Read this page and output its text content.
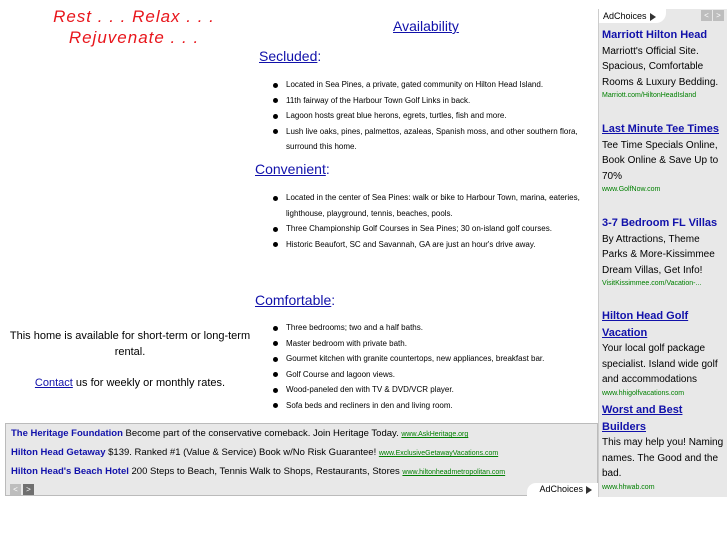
Rest . . . Relax . . .
Rejuvenate . . .
Availability
Secluded:
Located in Sea Pines, a private, gated community on Hilton Head Island.
11th fairway of the Harbour Town Golf Links in back.
Lagoon hosts great blue herons, egrets, turtles, fish and more.
Lush live oaks, pines, palmettos, azaleas, Spanish moss, and other southern flora, surround this home.
Convenient:
Located in the center of Sea Pines: walk or bike to Harbour Town, marina, eateries, lighthouse, playground, tennis, beaches, pools.
Three Championship Golf Courses in Sea Pines; 30 on-island golf courses.
Historic Beaufort, SC and Savannah, GA are just an hour's drive away.
Comfortable:
Three bedrooms; two and a half baths.
Master bedroom with private bath.
Gourmet kitchen with granite countertops, new appliances, breakfast bar.
Golf Course and lagoon views.
Wood-paneled den with TV & DVD/VCR player.
Sofa beds and recliners in den and living room.
This home is available for short-term or long-term rental.
Contact us for weekly or monthly rates.
The Heritage Foundation Become part of the conservative comeback. Join Heritage Today. www.AskHeritage.org
Hilton Head Getaway $139. Ranked #1 (Value & Service) Book w/No Risk Guarantee! www.ExclusiveGetawayVacations.com
Hilton Head's Beach Hotel 200 Steps to Beach, Tennis Walk to Shops, Restaurants, Stores www.hiltonheadmetropolitan.com
< >	AdChoices
AdChoices	< >
Marriott Hilton Head
Marriott's Official Site. Spacious, Comfortable Rooms & Luxury Bedding.
Marriott.com/HiltonHeadIsland
Last Minute Tee Times
Tee Time Specials Online, Book Online & Save Up to 70%
www.GolfNow.com
3-7 Bedroom FL Villas
By Attractions, Theme Parks & More-Kissimmee Dream Villas, Get Info!
VisitKissimmee.com/Vacation-...
Hilton Head Golf Vacation
Your local golf package specialist. Island wide golf and accommodations
www.hhigolfvacations.com
Worst and Best Builders
This may help you! Naming names. The Good and the bad.
www.hhwab.com
